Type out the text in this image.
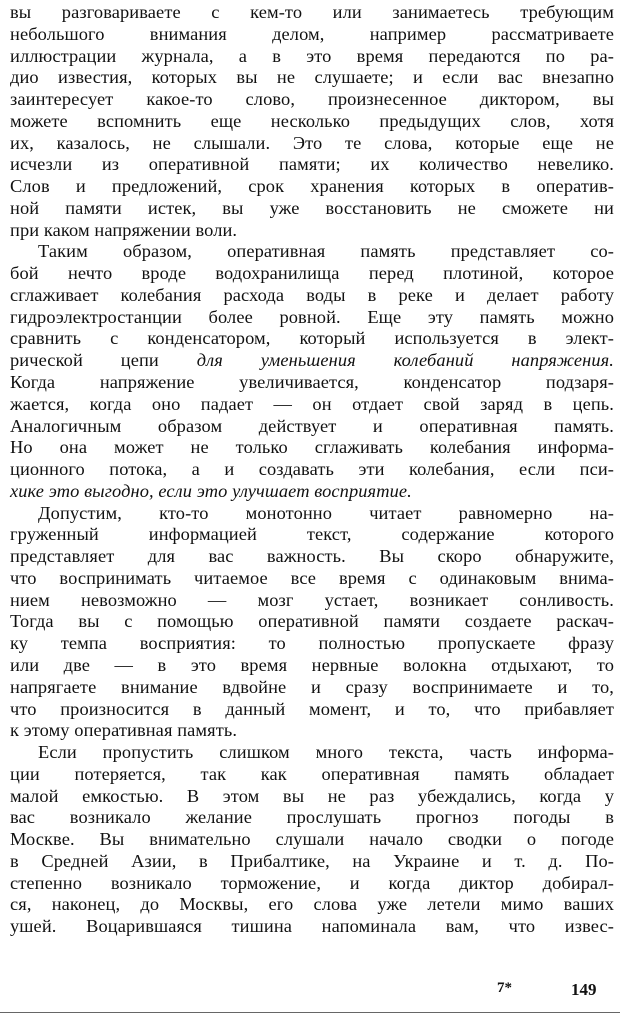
вы разговариваете с кем-то или занимаетесь требующим
небольшого внимания делом, например рассматриваете
иллюстрации журнала, а в это время передаются по ра-
дио известия, которых вы не слушаете; и если вас внезапно
заинтересует какое-то слово, произнесенное диктором, вы
можете вспомнить еще несколько предыдущих слов, хотя
их, казалось, не слышали. Это те слова, которые еще не
исчезли из оперативной памяти; их количество невелико.
Слов и предложений, срок хранения которых в оператив-
ной памяти истек, вы уже восстановить не сможете ни
при каком напряжении воли.
Таким образом, оперативная память представляет со-
бой нечто вроде водохранилища перед плотиной, которое
сглаживает колебания расхода воды в реке и делает работу
гидроэлектростанции более ровной. Еще эту память можно
сравнить с конденсатором, который используется в элект-
рической цепи для уменьшения колебаний напряжения.
Когда напряжение увеличивается, конденсатор подзаря-
жается, когда оно падает — он отдает свой заряд в цепь.
Аналогичным образом действует и оперативная память.
Но она может не только сглаживать колебания информа-
ционного потока, а и создавать эти колебания, если пси-
хике это выгодно, если это улучшает восприятие.
Допустим, кто-то монотонно читает равномерно на-
груженный информацией текст, содержание которого
представляет для вас важность. Вы скоро обнаружите,
что воспринимать читаемое все время с одинаковым внима-
нием невозможно — мозг устает, возникает сонливость.
Тогда вы с помощью оперативной памяти создаете раскач-
ку темпа восприятия: то полностью пропускаете фразу
или две — в это время нервные волокна отдыхают, то
напрягаете внимание вдвойне и сразу воспринимаете и то,
что произносится в данный момент, и то, что прибавляет
к этому оперативная память.
Если пропустить слишком много текста, часть информа-
ции потеряется, так как оперативная память обладает
малой емкостью. В этом вы не раз убеждались, когда у
вас возникало желание прослушать прогноз погоды в
Москве. Вы внимательно слушали начало сводки о погоде
в Средней Азии, в Прибалтике, на Украине и т. д. По-
степенно возникало торможение, и когда диктор добирал-
ся, наконец, до Москвы, его слова уже летели мимо ваших
ушей. Воцарившаяся тишина напоминала вам, что извес-
7*	149
